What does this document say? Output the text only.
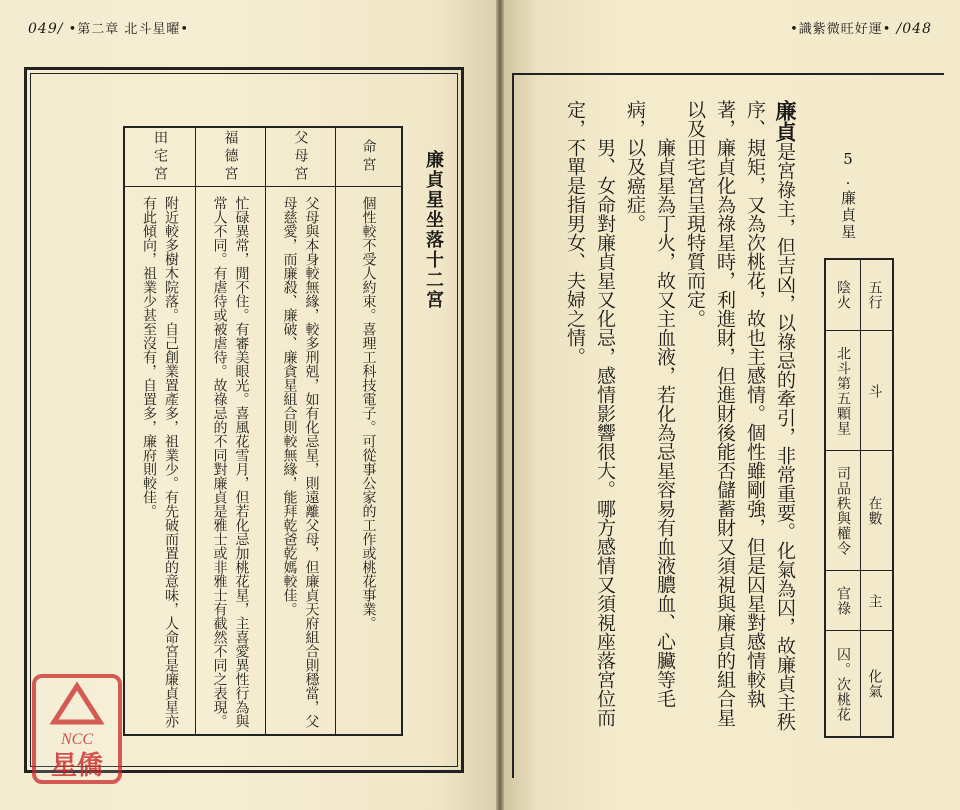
049/ •第二章 北斗星曜•	•識紫微旺好運• /048
廉貞星坐落十二宮
田宅宮
附近較多樹木院落。自己創業置產多，祖業少。有先破而置的意味，人命宮是廉貞星亦有此傾向，祖業少甚至沒有，自置多，廉府則較佳。
福德宮
忙碌異常，閒不住。有審美眼光。喜風花雪月，但若化忌加桃花星，主喜愛異性行為與常人不同。有虐待或被虐待。故祿忌的不同對廉貞是雅士或非雅士有截然不同之表現。
父母宮
父母與本身較無緣，較多刑剋，如有化忌星，則遠離父母，但廉貞天府組合則穩當，父母慈愛，而廉殺、廉破、廉貪星組合則較無緣，能拜乾爸乾媽較佳。
命宮
個性較不受人約束。喜理工科技電子。可從事公家的工作或桃花事業。
5.廉貞星
五行
陰火
斗
北斗第五顆星
在數
司品秩與權令
主
官祿
化氣
囚。次桃花

廉貞是宮祿主，但吉凶，以祿忌的牽引，非常重要。化氣為囚，故廉貞主秩序、規矩，又為次桃花，故也主感情。個性雖剛強，但是囚星對感情較執著，廉貞化為祿星時，利進財，但進財後能否儲蓄財又須視與廉貞的組合星以及田宅宮呈現特質而定。

廉貞星為丁火，故又主血液，若化為忌星容易有血液膿血、心臟等毛病，以及癌症。

男、女命對廉貞星又化忌，感情影響很大。哪方感情又須視座落宮位而定，不單是指男女、夫婦之情。

NCC
星僑
